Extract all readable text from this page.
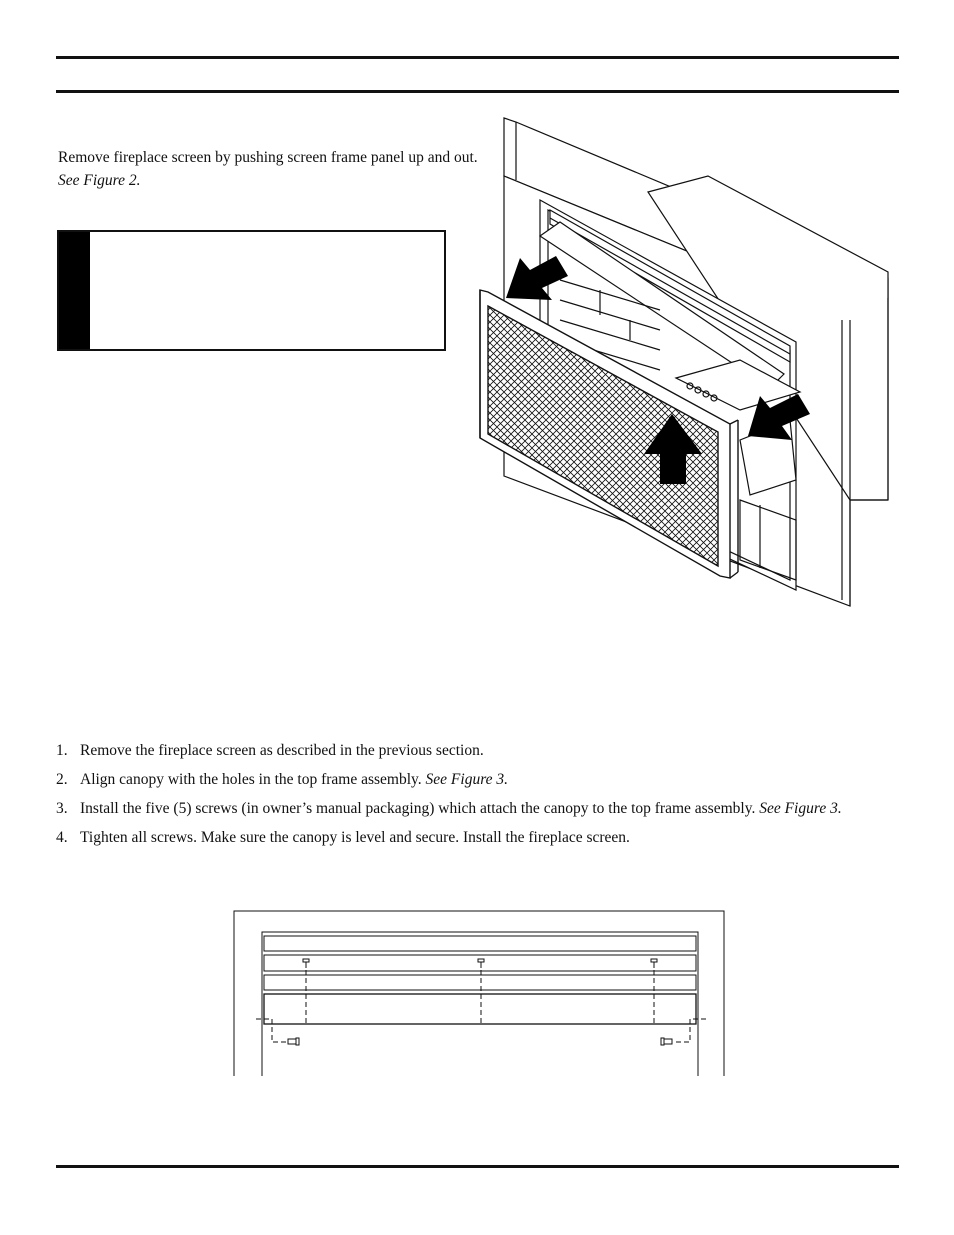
Remove fireplace screen by pushing screen frame panel up and out. See Figure 2.

1. Remove the fireplace screen as described in the previous section.
2. Align canopy with the holes in the top frame assembly. See Figure 3.
3. Install the five (5) screws (in owner’s manual packaging) which attach the canopy to the top frame assembly. See Figure 3.
4. Tighten all screws. Make sure the canopy is level and secure. Install the fireplace screen.
